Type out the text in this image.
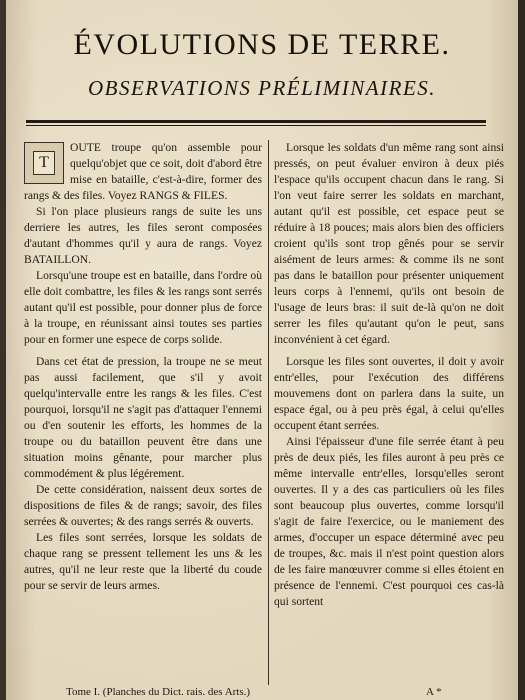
ÉVOLUTIONS DE TERRE.
OBSERVATIONS PRÉLIMINAIRES.

T
OUTE troupe qu'on assemble pour quelqu'objet que ce soit, doit d'abord être mise en bataille, c'est-à-dire, former des rangs & des files. Voyez RANGS & FILES.

Si l'on place plusieurs rangs de suite les uns derriere les autres, les files seront composées d'autant d'hommes qu'il y aura de rangs. Voyez BATAILLON.

Lorsqu'une troupe est en bataille, dans l'ordre où elle doit combattre, les files & les rangs sont serrés autant qu'il est possible, pour donner plus de force à la troupe, en réunissant ainsi toutes ses parties pour en former une espece de corps solide.

Dans cet état de pression, la troupe ne se meut pas aussi facilement, que s'il y avoit quelqu'intervalle entre les rangs & les files. C'est pourquoi, lorsqu'il ne s'agit pas d'attaquer l'ennemi ou d'en soutenir les efforts, les hommes de la troupe ou du bataillon peuvent être dans une situation moins gênante, pour marcher plus commodément & plus légérement.

De cette considération, naissent deux sortes de dispositions de files & de rangs; savoir, des files serrées & ouvertes; & des rangs serrés & ouverts.

Les files sont serrées, lorsque les soldats de chaque rang se pressent tellement les uns & les autres, qu'il ne leur reste que la liberté du coude pour se servir de leurs armes.

Lorsque les soldats d'un même rang sont ainsi pressés, on peut évaluer environ à deux piés l'espace qu'ils occupent chacun dans le rang. Si l'on veut faire serrer les soldats en marchant, autant qu'il est possible, cet espace peut se réduire à 18 pouces; mais alors bien des officiers croient qu'ils sont trop gênés pour se servir aisément de leurs armes: & comme ils ne sont pas dans le bataillon pour présenter uniquement leurs corps à l'ennemi, qu'ils ont besoin de l'usage de leurs bras: il suit de-là qu'on ne doit serrer les files qu'autant qu'on le peut, sans inconvénient à cet égard.

Lorsque les files sont ouvertes, il doit y avoir entr'elles, pour l'exécution des différens mouvemens dont on parlera dans la suite, un espace égal, ou à peu près égal, à celui qu'elles occupent étant serrées.

Ainsi l'épaisseur d'une file serrée étant à peu près de deux piés, les files auront à peu près ce même intervalle entr'elles, lorsqu'elles seront ouvertes. Il y a des cas particuliers où les files sont beaucoup plus ouvertes, comme lorsqu'il s'agit de faire l'exercice, ou le maniement des armes, d'occuper un espace déterminé avec peu de troupes, &c. mais il n'est point question alors de les faire manœuvrer comme si elles étoient en présence de l'ennemi. C'est pourquoi ces cas-là qui sortent

Tome I. (Planches du Dict. rais. des Arts.)	A *
